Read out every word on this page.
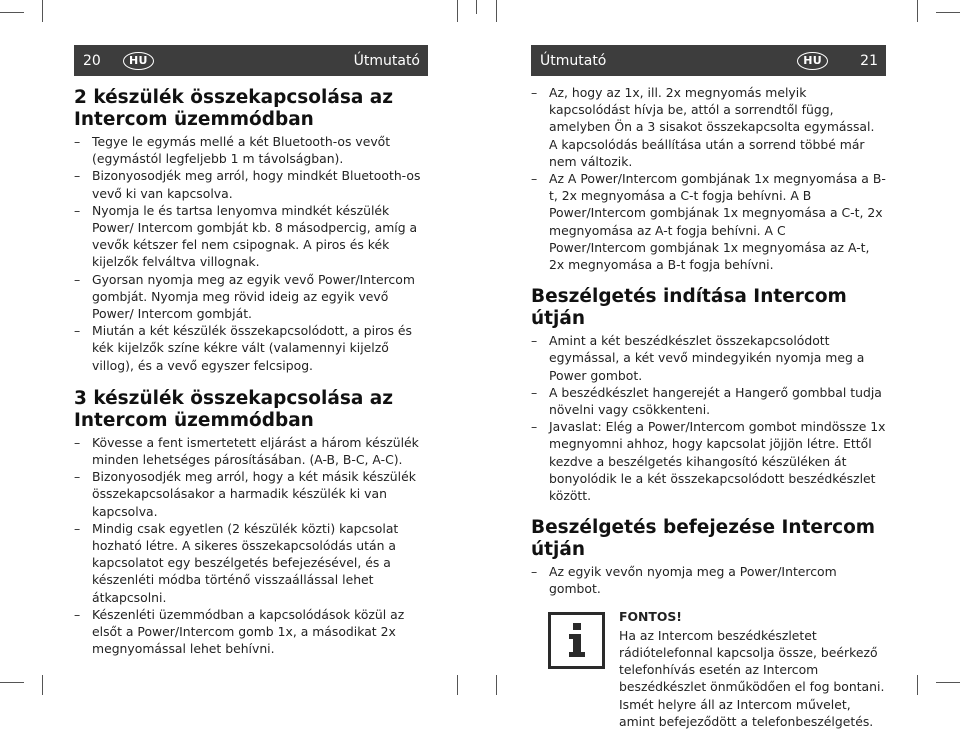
20	HU	Útmutató	Útmutató	HU	21
2 készülék összekapcsolása az Intercom üzemmódban
– Tegye le egymás mellé a két Bluetooth-os vevőt (egymástól legfeljebb 1 m távolságban).
– Bizonyosodjék meg arról, hogy mindkét Bluetooth-os vevő ki van kapcsolva.
– Nyomja le és tartsa lenyomva mindkét készülék Power/ Intercom gombját kb. 8 másodpercig, amíg a vevők kétszer fel nem csipognak. A piros és kék kijelzők felváltva villognak.
– Gyorsan nyomja meg az egyik vevő Power/Intercom gombját. Nyomja meg rövid ideig az egyik vevő Power/ Intercom gombját.
– Miután a két készülék összekapcsolódott, a piros és kék kijelzők színe kékre vált (valamennyi kijelző villog), és a vevő egyszer felcsipog.
3 készülék összekapcsolása az Intercom üzemmódban
– Kövesse a fent ismertetett eljárást a három készülék minden lehetséges párosításában. (A-B, B-C, A-C).
– Bizonyosodjék meg arról, hogy a két másik készülék összekapcsolásakor a harmadik készülék ki van kapcsolva.
– Mindig csak egyetlen (2 készülék közti) kapcsolat hozható létre. A sikeres összekapcsolódás után a kapcsolatot egy beszélgetés befejezésével, és a készenléti módba történő visszaállással lehet átkapcsolni.
– Készenléti üzemmódban a kapcsolódások közül az elsőt a Power/Intercom gomb 1x, a másodikat 2x megnyomással lehet behívni.
– Az, hogy az 1x, ill. 2x megnyomás melyik kapcsolódást hívja be, attól a sorrendtől függ, amelyben Ön a 3 sisakot összekapcsolta egymással. A kapcsolódás beállítása után a sorrend többé már nem változik.
– Az A Power/Intercom gombjának 1x megnyomása a B-t, 2x megnyomása a C-t fogja behívni. A B Power/Intercom gombjának 1x megnyomása a C-t, 2x megnyomása az A-t fogja behívni. A C Power/Intercom gombjának 1x megnyomása az A-t, 2x megnyomása a B-t fogja behívni.
Beszélgetés indítása Intercom útján
– Amint a két beszédkészlet összekapcsolódott egymással, a két vevő mindegyikén nyomja meg a Power gombot.
– A beszédkészlet hangerejét a Hangerő gombbal tudja növelni vagy csökkenteni.
– Javaslat: Elég a Power/Intercom gombot mindössze 1x megnyomni ahhoz, hogy kapcsolat jöjjön létre. Ettől kezdve a beszélgetés kihangosító készüléken át bonyolódik le a két összekapcsolódott beszédkészlet között.
Beszélgetés befejezése Intercom útján
– Az egyik vevőn nyomja meg a Power/Intercom gombot.
FONTOS!
Ha az Intercom beszédkészletet rádiótelefonnal kapcsolja össze, beérkező telefonhívás esetén az Intercom beszédkészlet önműködően el fog bontani. Ismét helyre áll az Intercom művelet, amint befejeződött a telefonbeszélgetés.
